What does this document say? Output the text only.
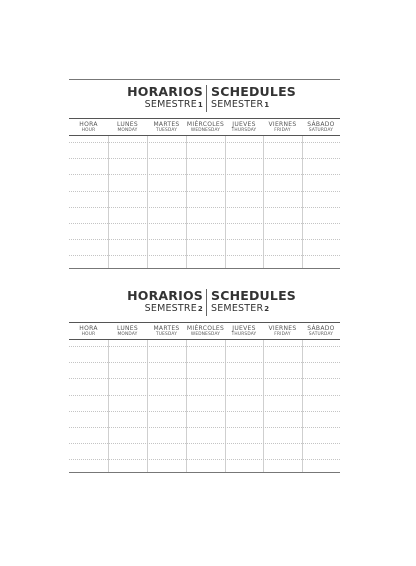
HORARIOS
SEMESTRE1
SCHEDULES
SEMESTER1
HORA
HOUR
LUNES
MONDAY
MARTES
TUESDAY
MIÉRCOLES
WEDNESDAY
JUEVES
THURSDAY
VIERNES
FRIDAY
SÁBADO
SATURDAY
HORARIOS
SEMESTRE2
SCHEDULES
SEMESTER2
HORA
HOUR
LUNES
MONDAY
MARTES
TUESDAY
MIÉRCOLES
WEDNESDAY
JUEVES
THURSDAY
VIERNES
FRIDAY
SÁBADO
SATURDAY
